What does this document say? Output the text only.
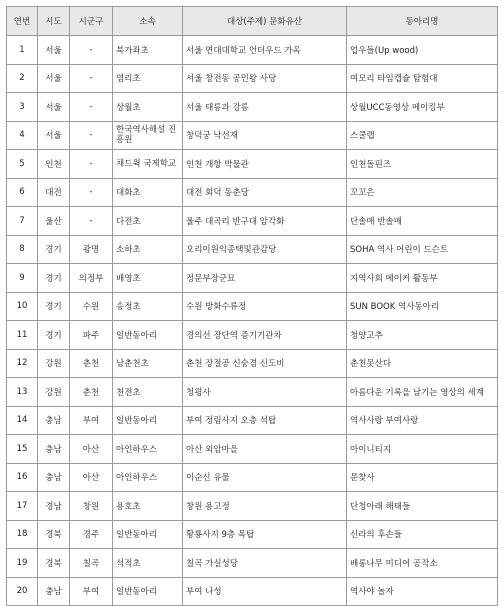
연번	시도	시군구	소속	대상(주제) 문화유산	동아리명
1	서울	-	북가좌초	서울 연대대학교 언더우드 가옥	업우들(Up wood)
2	서울	-	염리초	서울 창전동 공민왕 사당	여모리 타임캡슐 탐험대
3	서울	-	상월초	서울 태릉과 강릉	상월UCC동영상 메이킹부
4	서울	-	한국역사해설 진흥원	창덕궁 낙선재	스쿨랩
5	인천	-	채드윅 국제학교	인천 개항 박물관	인천돌핀즈
6	대전	-	대화초	대전 회덕 동춘당	꼬꼬은
7	울산	-	다전초	울주 대곡리 반구대 암각화	단솔매 반솔매
8	경기	광명	소하초	오리이원익종택및관감당	SOHA 역사 어린이 드슨트
9	경기	의정부	배영초	정문부장군묘	지역사회 메이커 활동부
10	경기	수원	송정초	수원 방화수류정	SUN BOOK 역사동아리
11	경기	파주	일반동아리	경의선 장단역 증기기관차	청양고추
12	강원	춘천	남춘천초	춘천 장절공 신숭겸 신도비	춘천못산다
13	강원	춘천	천전초	청평사	아름다운 기록을 남기는 영상의 세계
14	충남	부여	일반동아리	부여 정림사지 오층 석탑	역사사랑 부여사랑
15	충남	아산	아인하우스	아산 외암마을	아이니티지
16	충남	아산	아인하우스	이순신 유물	문찾사
17	경남	창원	용호초	창원 용고정	단청아래 해태들
18	경북	경주	일반동아리	황룡사지 9층 목탑	신라의 후손들
19	경북	칠곡	석적초	칠곡 가실성당	배롱나무 미디어 공작소
20	충남	부여	일반동아리	부여 나성	역사야 놀자
